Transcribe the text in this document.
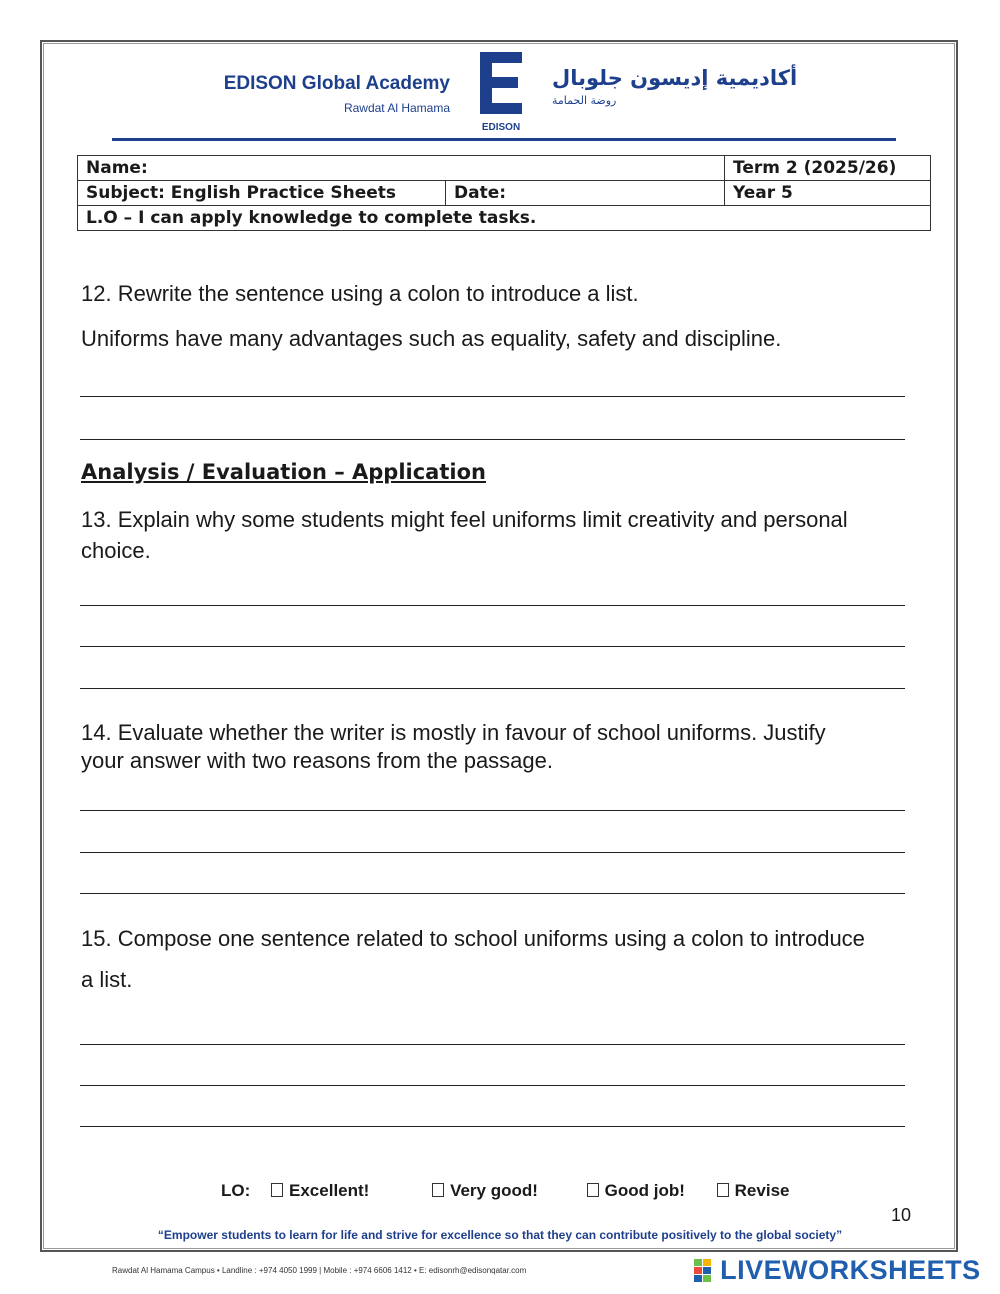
EDISON Global Academy
Rawdat Al Hamama
EDISON
أكاديمية إديسون جلوبال
روضة الحمامة
Name:		Term 2 (2025/26)
Subject: English Practice Sheets	Date:	Year 5
L.O – I can apply knowledge to complete tasks.		
12. Rewrite the sentence using a colon to introduce a list.
Uniforms have many advantages such as equality, safety and discipline.
Analysis / Evaluation – Application
13. Explain why some students might feel uniforms limit creativity and personal
choice.
14. Evaluate whether the writer is mostly in favour of school uniforms. Justify
your answer with two reasons from the passage.
15. Compose one sentence related to school uniforms using a colon to introduce
a list.
LO: Excellent!	Very good!	Good job!	Revise
10
“Empower students to learn for life and strive for excellence so that they can contribute positively to the global society”
Rawdat Al Hamama Campus • Landline : +974 4050 1999 | Mobile : +974 6606 1412 • E: edisonrh@edisonqatar.com	LIVEWORKSHEETS
